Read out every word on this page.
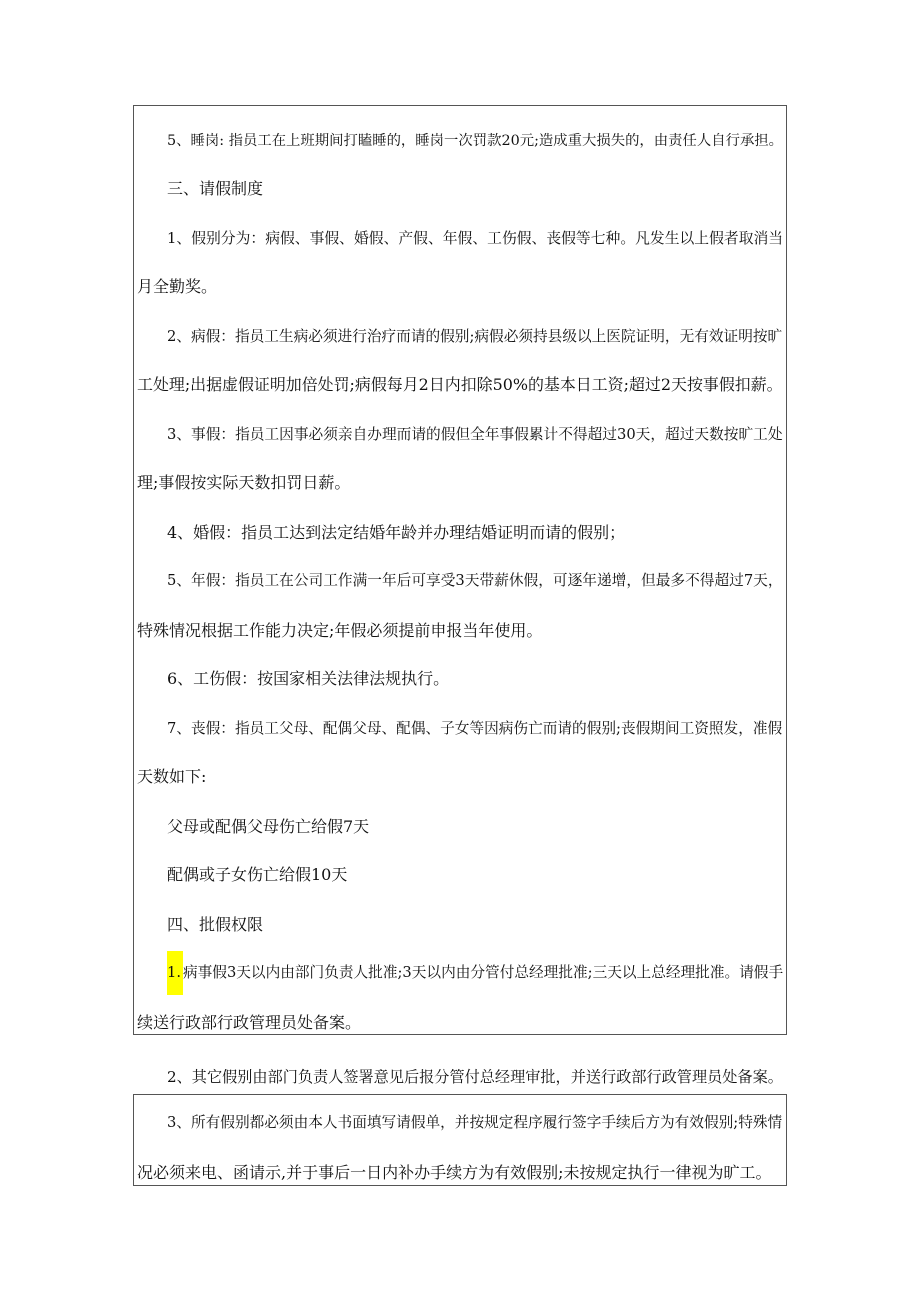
5、睡岗: 指员工在上班期间打瞌睡的，睡岗一次罚款20元;造成重大损失的，由责任人自行承担。
三、请假制度
1、假别分为：病假、事假、婚假、产假、年假、工伤假、丧假等七种。凡发生以上假者取消当
月全勤奖。
2、病假：指员工生病必须进行治疗而请的假别;病假必须持县级以上医院证明，无有效证明按旷
工处理;出据虚假证明加倍处罚;病假每月2日内扣除50%的基本日工资;超过2天按事假扣薪。
3、事假：指员工因事必须亲自办理而请的假但全年事假累计不得超过30天，超过天数按旷工处
理;事假按实际天数扣罚日薪。
4、婚假：指员工达到法定结婚年龄并办理结婚证明而请的假别；
5、年假：指员工在公司工作满一年后可享受3天带薪休假，可逐年递增，但最多不得超过7天，
特殊情况根据工作能力决定;年假必须提前申报当年使用。
6、工伤假：按国家相关法律法规执行。
7、丧假：指员工父母、配偶父母、配偶、子女等因病伤亡而请的假别;丧假期间工资照发，准假
天数如下:
父母或配偶父母伤亡给假7天
配偶或子女伤亡给假10天
四、批假权限
1. 病事假3天以内由部门负责人批准;3天以内由分管付总经理批准;三天以上总经理批准。请假手
续送行政部行政管理员处备案。
2、其它假别由部门负责人签署意见后报分管付总经理审批，并送行政部行政管理员处备案。
3、所有假别都必须由本人书面填写请假单，并按规定程序履行签字手续后方为有效假别;特殊情
况必须来电、函请示,并于事后一日内补办手续方为有效假别;未按规定执行一律视为旷工。
